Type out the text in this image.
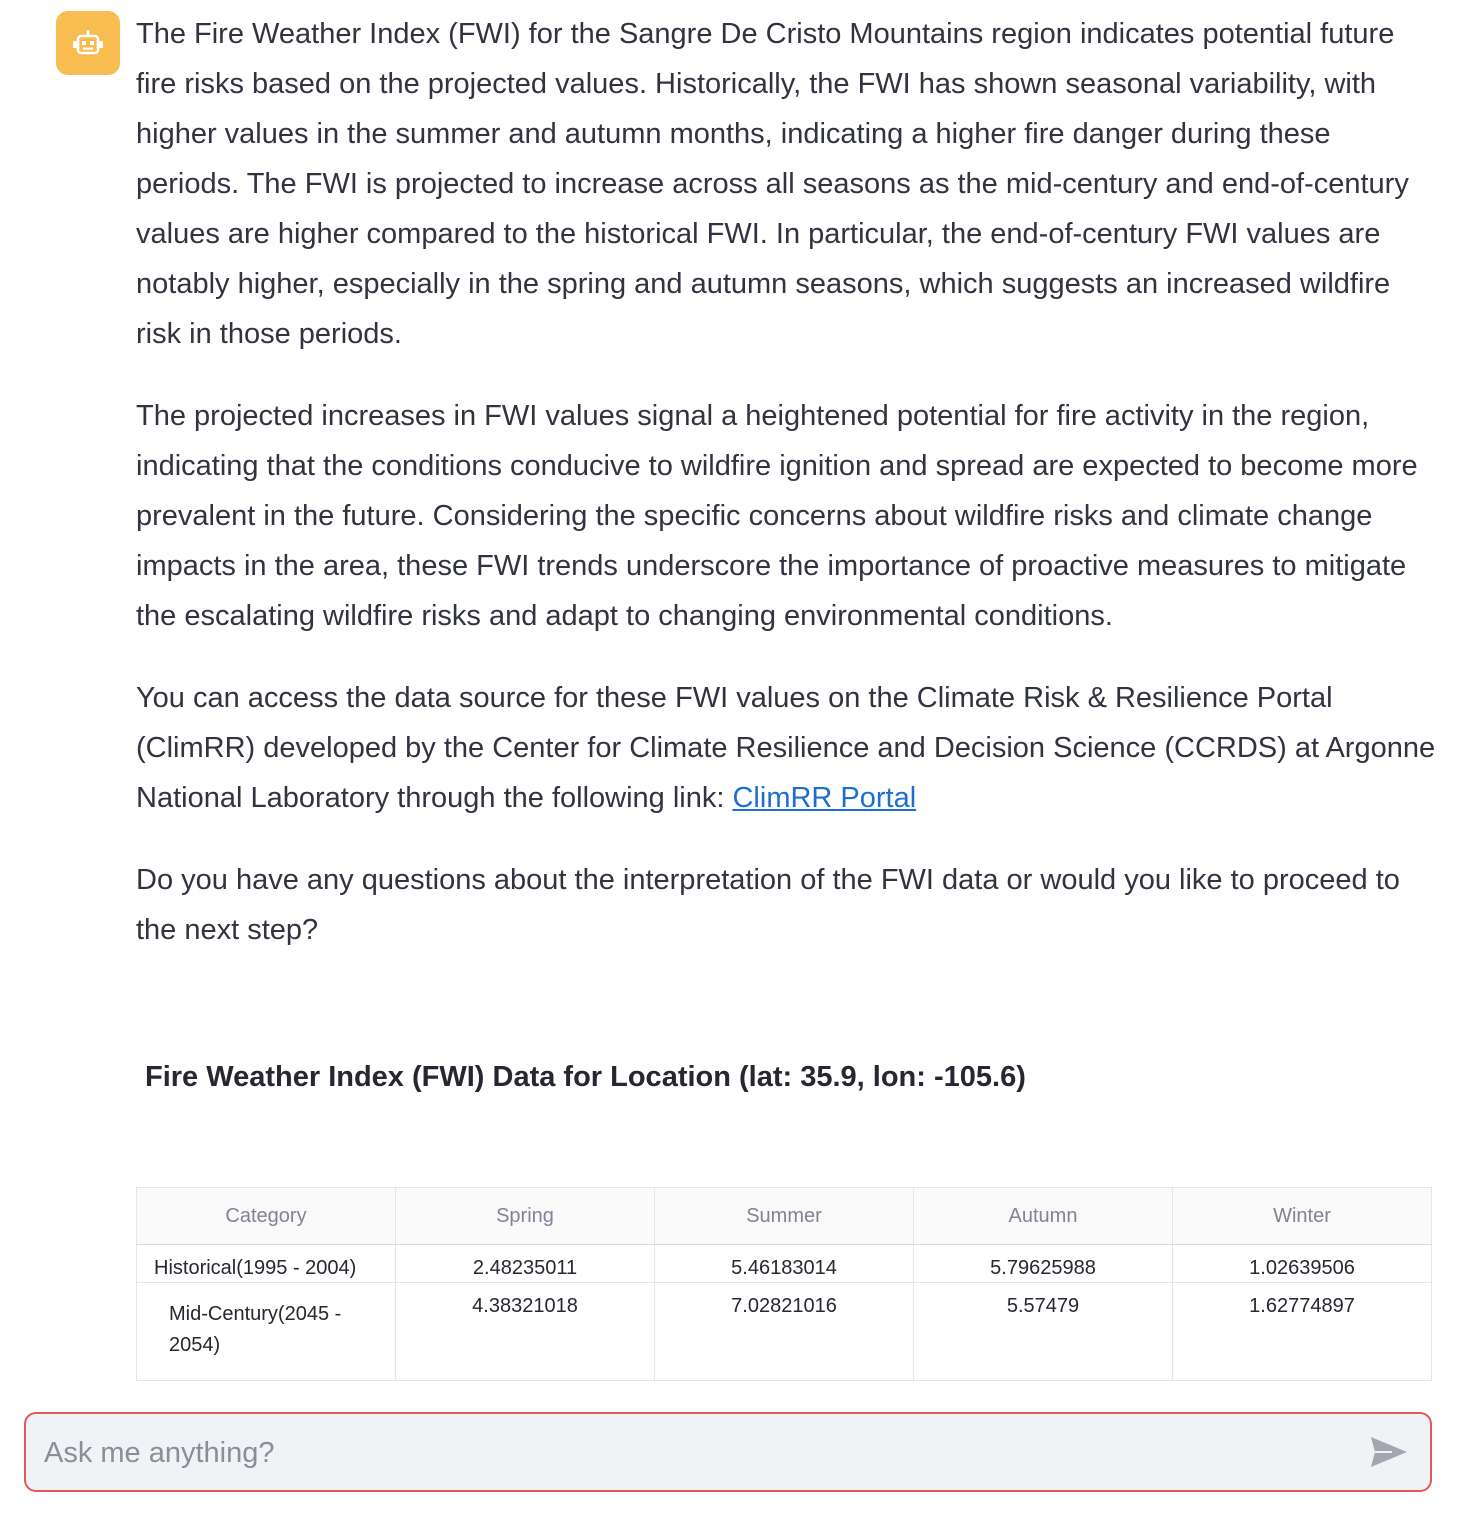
The Fire Weather Index (FWI) for the Sangre De Cristo Mountains region indicates potential future fire risks based on the projected values. Historically, the FWI has shown seasonal variability, with higher values in the summer and autumn months, indicating a higher fire danger during these periods. The FWI is projected to increase across all seasons as the mid-century and end-of-century values are higher compared to the historical FWI. In particular, the end-of-century FWI values are notably higher, especially in the spring and autumn seasons, which suggests an increased wildfire risk in those periods.

The projected increases in FWI values signal a heightened potential for fire activity in the region, indicating that the conditions conducive to wildfire ignition and spread are expected to become more prevalent in the future. Considering the specific concerns about wildfire risks and climate change impacts in the area, these FWI trends underscore the importance of proactive measures to mitigate the escalating wildfire risks and adapt to changing environmental conditions.

You can access the data source for these FWI values on the Climate Risk & Resilience Portal (ClimRR) developed by the Center for Climate Resilience and Decision Science (CCRDS) at Argonne National Laboratory through the following link: ClimRR Portal

Do you have any questions about the interpretation of the FWI data or would you like to proceed to the next step?

Fire Weather Index (FWI) Data for Location (lat: 35.9, lon: -105.6)
Category	Spring	Summer	Autumn	Winter
Historical(1995 - 2004)	2.48235011	5.46183014	5.79625988	1.02639506
Mid-Century(2045 - 2054)	4.38321018	7.02821016	5.57479	1.62774897
Ask me anything?
